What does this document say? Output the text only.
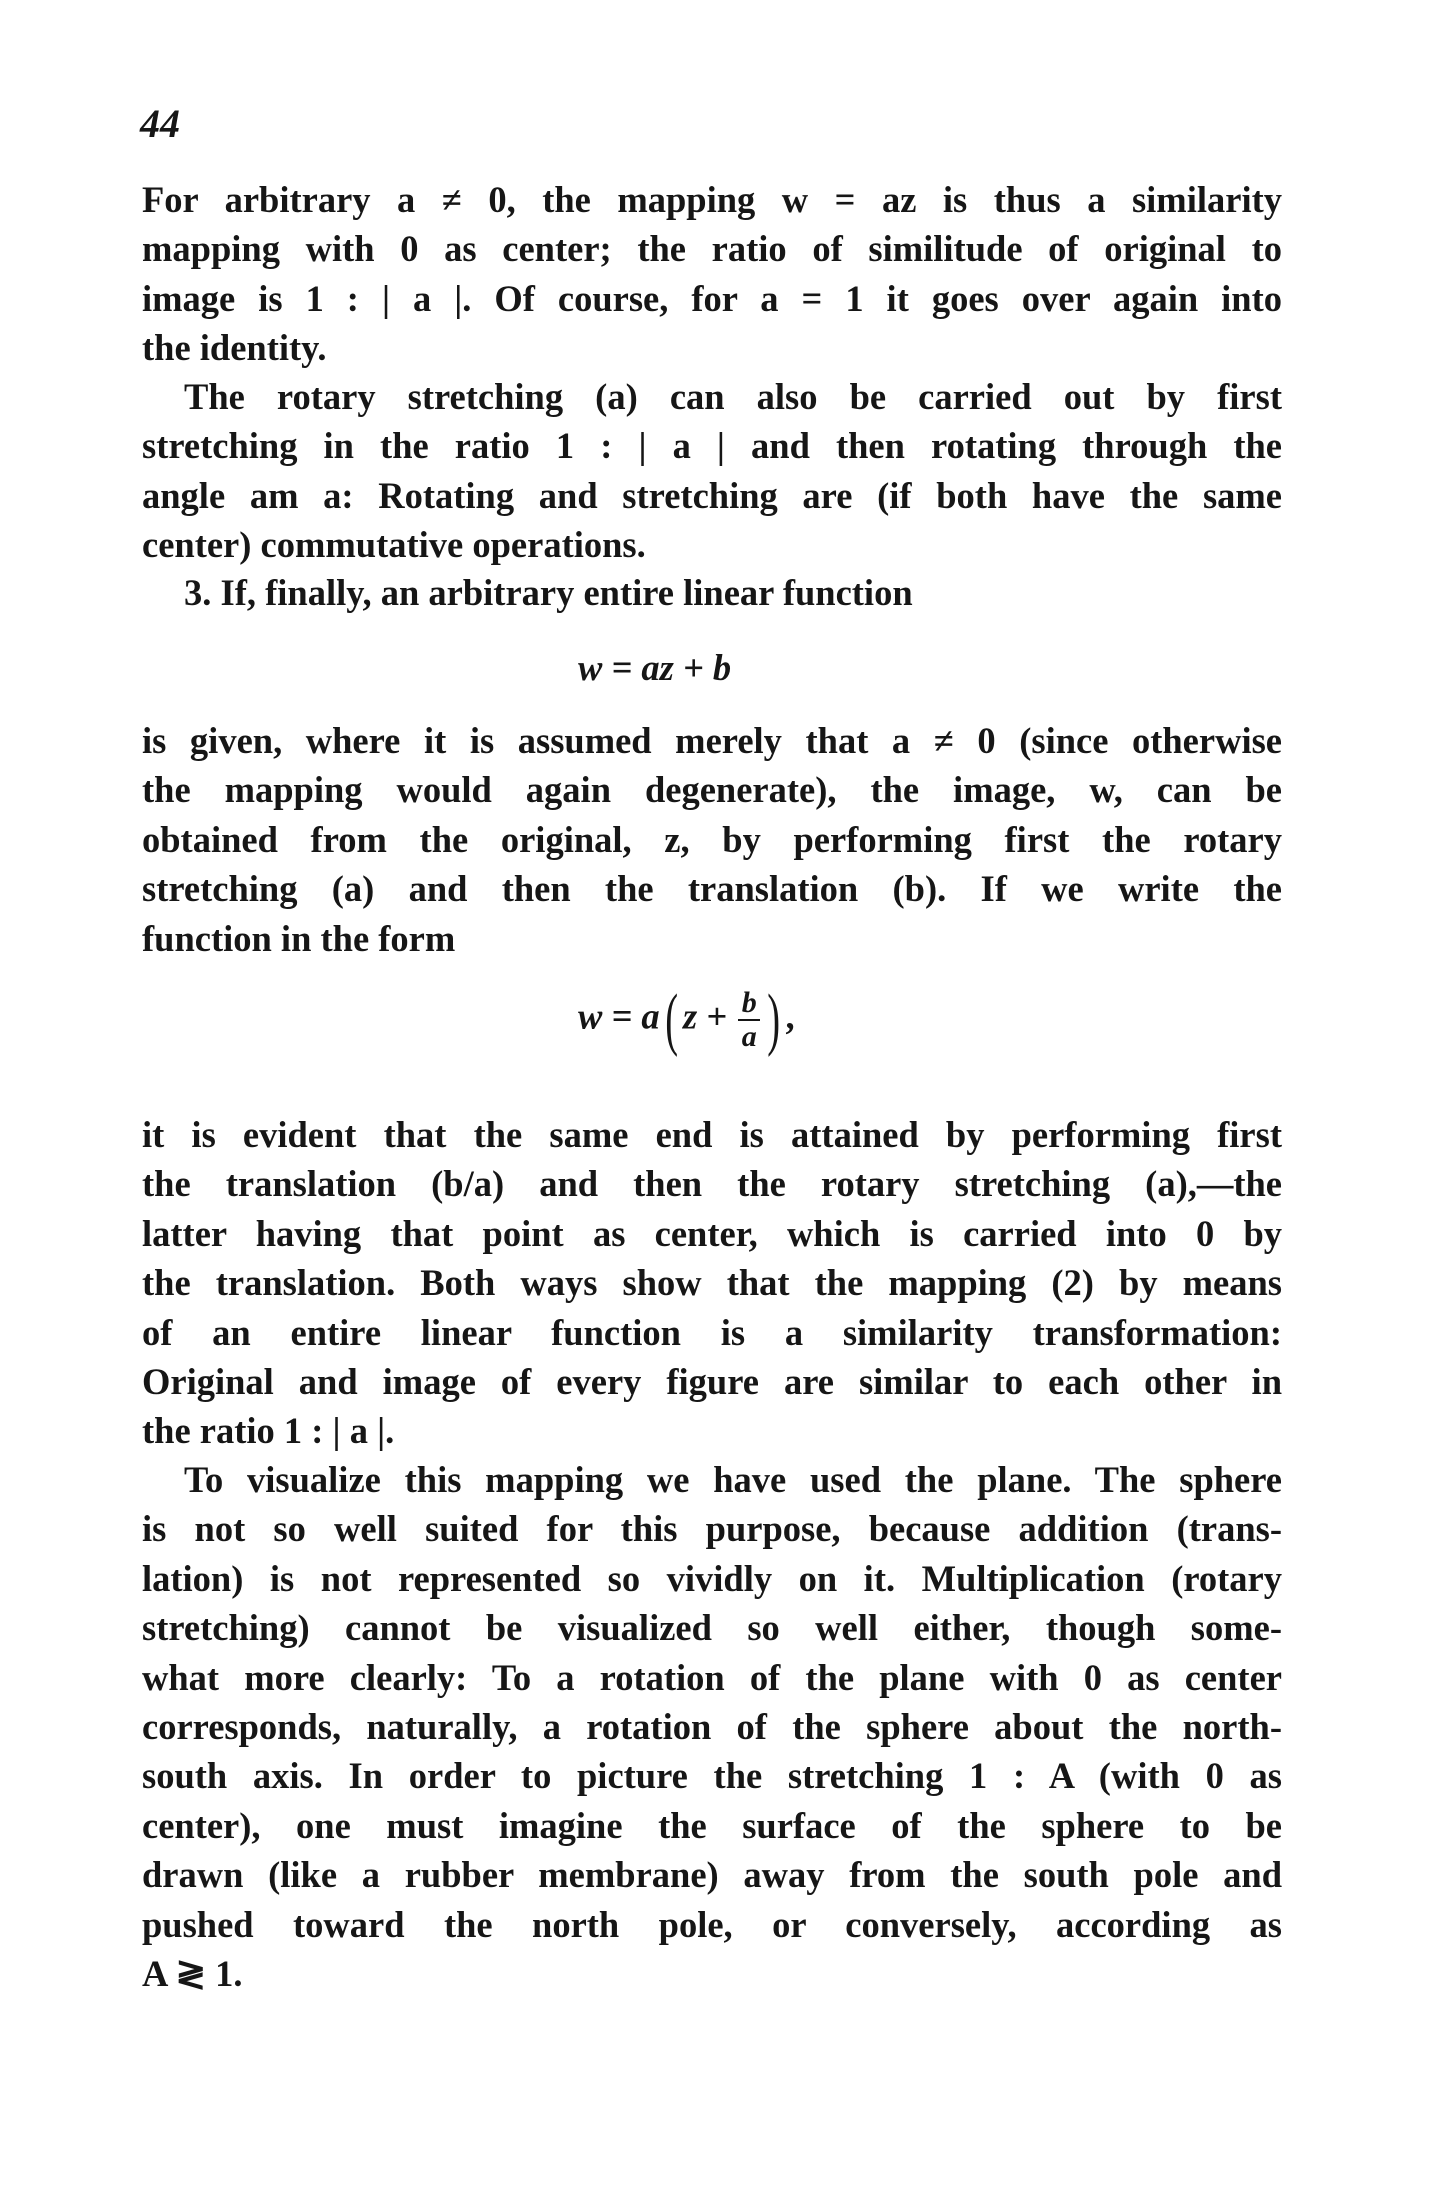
44
For arbitrary a ≠ 0, the mapping w = az is thus a similarity
mapping with 0 as center; the ratio of similitude of original to
image is 1 : | a |. Of course, for a = 1 it goes over again into
the identity.
The rotary stretching (a) can also be carried out by first
stretching in the ratio 1 : | a | and then rotating through the
angle am a: Rotating and stretching are (if both have the same
center) commutative operations.
3. If, finally, an arbitrary entire linear function
w = az + b
is given, where it is assumed merely that a ≠ 0 (since otherwise
the mapping would again degenerate), the image, w, can be
obtained from the original, z, by performing first the rotary
stretching (a) and then the translation (b). If we write the
function in the form
w = a( $z + \frac{b}{a}$ ) ,
it is evident that the same end is attained by performing first
the translation (b/a) and then the rotary stretching (a),—the
latter having that point as center, which is carried into 0 by
the translation. Both ways show that the mapping (2) by means
of an entire linear function is a similarity transformation:
Original and image of every figure are similar to each other in
the ratio 1 : | a |.
To visualize this mapping we have used the plane. The sphere
is not so well suited for this purpose, because addition (trans-
lation) is not represented so vividly on it. Multiplication (rotary
stretching) cannot be visualized so well either, though some-
what more clearly: To a rotation of the plane with 0 as center
corresponds, naturally, a rotation of the sphere about the north-
south axis. In order to picture the stretching 1 : A (with 0 as
center), one must imagine the surface of the sphere to be
drawn (like a rubber membrane) away from the south pole and
pushed toward the north pole, or conversely, according as
A ≷ 1.
